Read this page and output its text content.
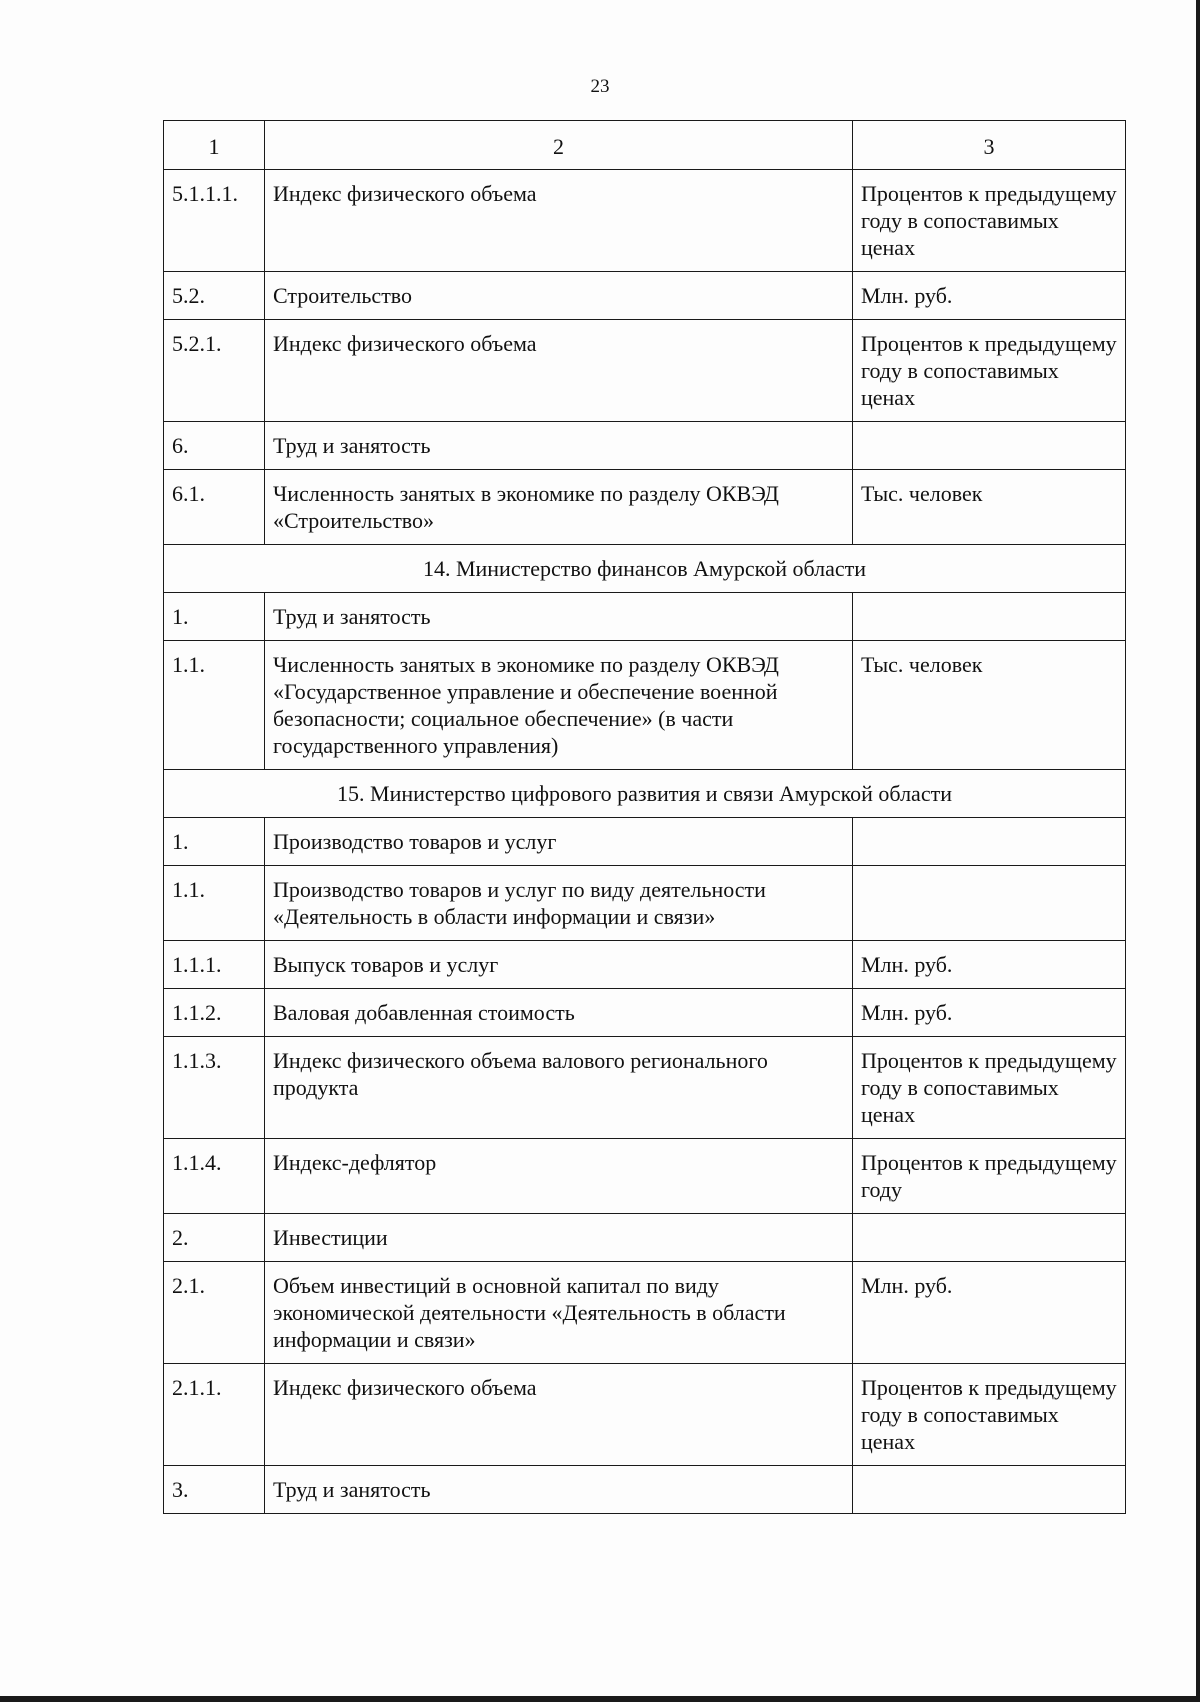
23
1	2	3
5.1.1.1.	Индекс физического объема	Процентов к предыдущему году в сопоставимых ценах
5.2.	Строительство	Млн. руб.
5.2.1.	Индекс физического объема	Процентов к предыдущему году в сопоставимых ценах
6.	Труд и занятость	
6.1.	Численность занятых в экономике по разделу ОКВЭД «Строительство»	Тыс. человек
14. Министерство финансов Амурской области		
1.	Труд и занятость	
1.1.	Численность занятых в экономике по разделу ОКВЭД «Государственное управление и обеспечение военной безопасности; социальное обеспечение» (в части государственного управления)	Тыс. человек
15. Министерство цифрового развития и связи Амурской области		
1.	Производство товаров и услуг	
1.1.	Производство товаров и услуг по виду деятельности «Деятельность в области информации и связи»	
1.1.1.	Выпуск товаров и услуг	Млн. руб.
1.1.2.	Валовая добавленная стоимость	Млн. руб.
1.1.3.	Индекс физического объема валового регионального продукта	Процентов к предыдущему году в сопоставимых ценах
1.1.4.	Индекс-дефлятор	Процентов к предыдущему году
2.	Инвестиции	
2.1.	Объем инвестиций в основной капитал по виду экономической деятельности «Деятельность в области информации и связи»	Млн. руб.
2.1.1.	Индекс физического объема	Процентов к предыдущему году в сопоставимых ценах
3.	Труд и занятость	
